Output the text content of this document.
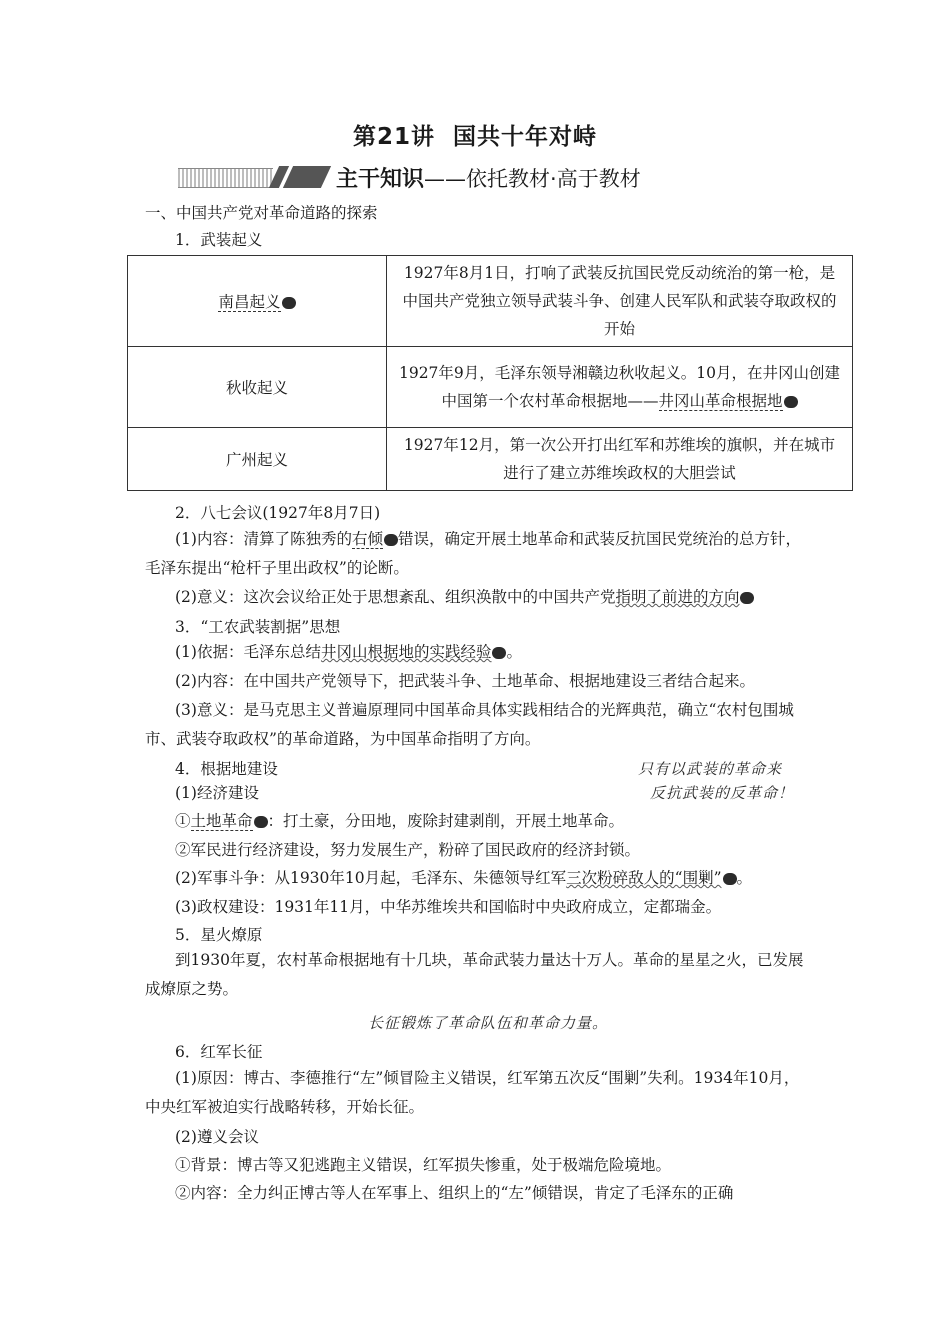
第21讲 国共十年对峙
主干知识——依托教材·高于教材
一、中国共产党对革命道路的探索
1．武装起义
南昌起义	1927年8月1日，打响了武装反抗国民党反动统治的第一枪，是中国共产党独立领导武装斗争、创建人民军队和武装夺取政权的开始
秋收起义	1927年9月，毛泽东领导湘赣边秋收起义。10月，在井冈山创建中国第一个农村革命根据地——井冈山革命根据地
广州起义	1927年12月，第一次公开打出红军和苏维埃的旗帜，并在城市进行了建立苏维埃政权的大胆尝试
2．八七会议(1927年8月7日)
(1)内容：清算了陈独秀的右倾 错误，确定开展土地革命和武装反抗国民党统治的总方针，毛泽东提出“枪杆子里出政权”的论断。
(2)意义：这次会议给正处于思想紊乱、组织涣散中的中国共产党指明了前进的方向
3．“工农武装割据”思想
(1)依据：毛泽东总结井冈山根据地的实践经验 。
(2)内容：在中国共产党领导下，把武装斗争、土地革命、根据地建设三者结合起来。
(3)意义：是马克思主义普遍原理同中国革命具体实践相结合的光辉典范，确立“农村包围城市、武装夺取政权”的革命道路，为中国革命指明了方向。
4．根据地建设	只有以武装的革命来
反抗武装的反革命！
(1)经济建设
①土地革命 ：打土豪，分田地，废除封建剥削，开展土地革命。
②军民进行经济建设，努力发展生产，粉碎了国民政府的经济封锁。
(2)军事斗争：从1930年10月起，毛泽东、朱德领导红军三次粉碎敌人的“围剿” 。
(3)政权建设：1931年11月，中华苏维埃共和国临时中央政府成立，定都瑞金。
5．星火燎原
到1930年夏，农村革命根据地有十几块，革命武装力量达十万人。革命的星星之火，已发展成燎原之势。
长征锻炼了革命队伍和革命力量。
6．红军长征
(1)原因：博古、李德推行“左”倾冒险主义错误，红军第五次反“围剿”失利。1934年10月，中央红军被迫实行战略转移，开始长征。
(2)遵义会议
①背景：博古等又犯逃跑主义错误，红军损失惨重，处于极端危险境地。
②内容：全力纠正博古等人在军事上、组织上的“左”倾错误，肯定了毛泽东的正确
